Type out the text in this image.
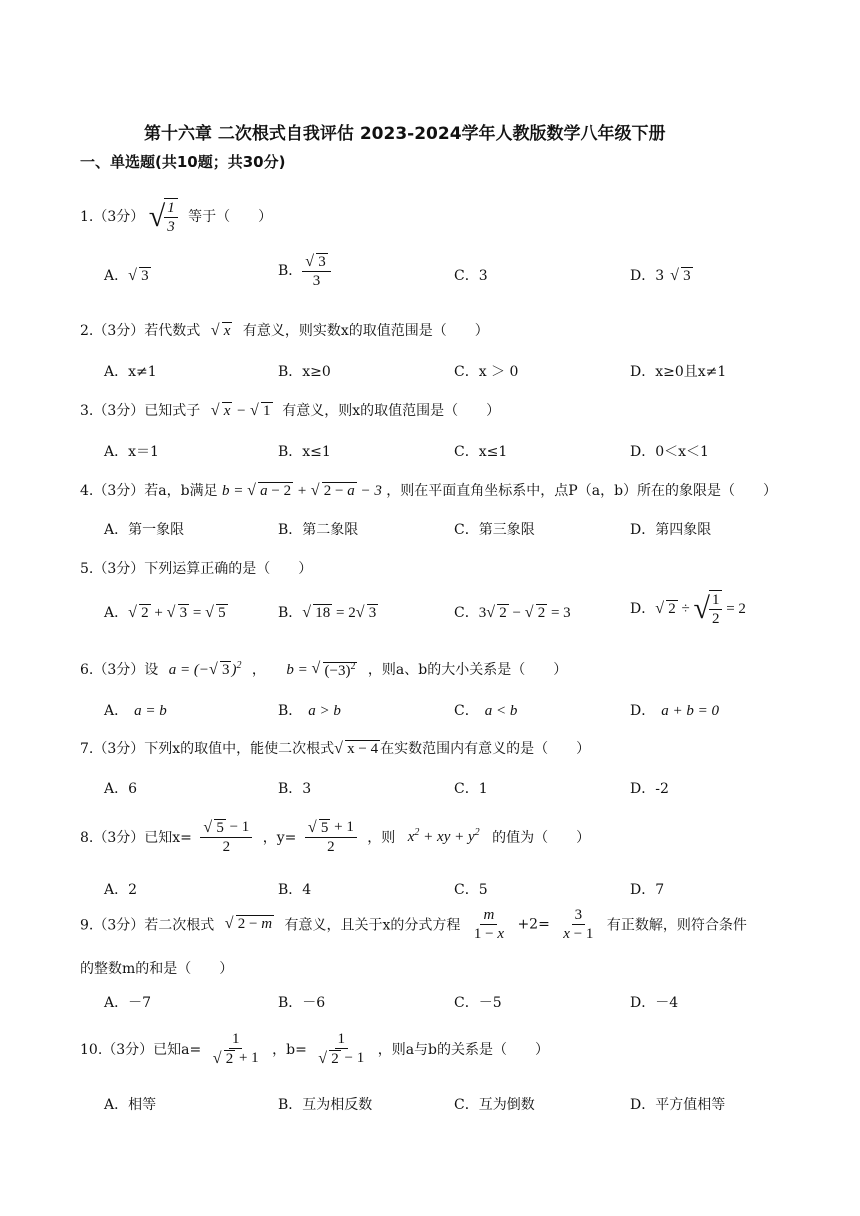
第十六章 二次根式自我评估 2023-2024学年人教版数学八年级下册
一、单选题(共10题；共30分)
1.（3分） √ $\frac{1}{3}$ 等于（　　）
A． √ 3	B． √ $\frac{3}{3}$	C．3	D．3 √ 3
2.（3分）若代数式 √ x 有意义，则实数x的取值范围是（　　）
A．x≠1	B．x≥0	C．x ＞ 0	D．x≥0且x≠1
3.（3分）已知式子 √ x − √ 1 有意义，则x的取值范围是（　　）
A．x＝1	B．x≤1	C．x≤1	D．0＜x＜1
4.（3分）若a，b满足 b = √ a − 2 + √ 2 − a − 3 ，则在平面直角坐标系中，点P（a，b）所在的象限是（　　）
A．第一象限	B．第二象限	C．第三象限	D．第四象限
5.（3分）下列运算正确的是（　　）
A． √ 2 + √ 3 = √ 5	B． √ 18 = 2 √ 3	C．3 √ 2 − √ 2 = 3	D． √ 2 ÷ √ $\frac{1}{2} = 2$
6.（3分）设 a = (− √ 3 )$^2$ ， b = √ $(-3)^2$ ，则a、b的大小关系是（　　）
A． a = b	B． a > b	C． a < b	D． a + b = 0
7.（3分）下列x的取值中，能使二次根式 √ x − 4 在实数范围内有意义的是（　　）
A．6	B．3	C．1	D．-2
8.（3分）已知x= √ $\frac{5 - 1}{2}$ ，y= √ $\frac{5 + 1}{2}$ ，则 $x^2$ + xy + $y^2$ 的值为（　　）
A．2	B．4	C．5	D．7
9.（3分）若二次根式 √ 2 − m 有意义，且关于x的分式方程 $\frac{m}{1 - x} +2= \frac{3}{x - 1}$ 有正数解，则符合条件
的整数m的和是（　　）
A．－7	B．－6	C．－5	D．－4
10.（3分）已知a= 1
√ 2 + 1 ，b= 1
√ 2 − 1 ，则a与b的关系是（　　）
A．相等	B．互为相反数	C．互为倒数	D．平方值相等
